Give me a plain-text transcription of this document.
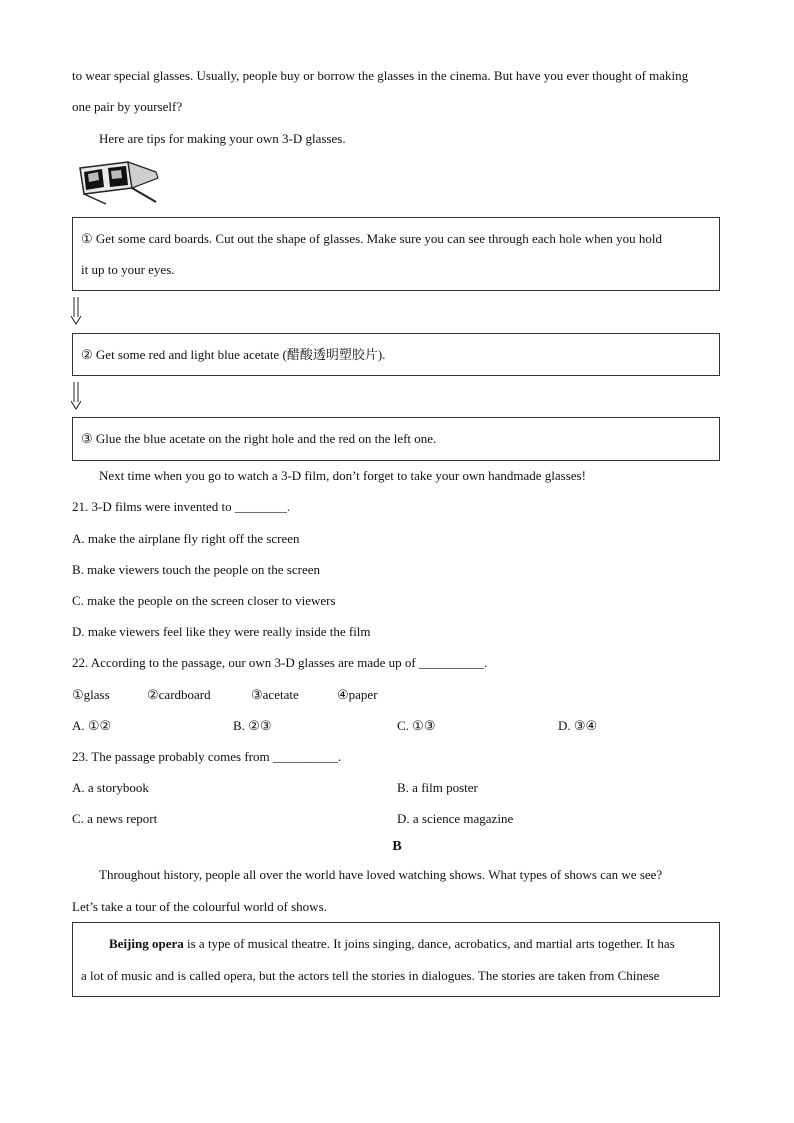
to wear special glasses. Usually, people buy or borrow the glasses in the cinema. But have you ever thought of making
one pair by yourself?
Here are tips for making your own 3-D glasses.
① Get some card boards. Cut out the shape of glasses. Make sure you can see through each hole when you hold
it up to your eyes.
② Get some red and light blue acetate (醋酸透明塑胶片).
③ Glue the blue acetate on the right hole and the red on the left one.
Next time when you go to watch a 3-D film, don’t forget to take your own handmade glasses!
21. 3-D films were invented to ________.
A. make the airplane fly right off the screen
B. make viewers touch the people on the screen
C. make the people on the screen closer to viewers
D. make viewers feel like they were really inside the film
22. According to the passage, our own 3-D glasses are made up of __________.
①glass	②cardboard	③acetate	④paper
A. ①②	B. ②③	C. ①③	D. ③④
23. The passage probably comes from __________.
A. a storybook	B. a film poster
C. a news report	D. a science magazine
B
Throughout history, people all over the world have loved watching shows. What types of shows can we see?
Let’s take a tour of the colourful world of shows.
Beijing opera is a type of musical theatre. It joins singing, dance, acrobatics, and martial arts together. It has
a lot of music and is called opera, but the actors tell the stories in dialogues. The stories are taken from Chinese
